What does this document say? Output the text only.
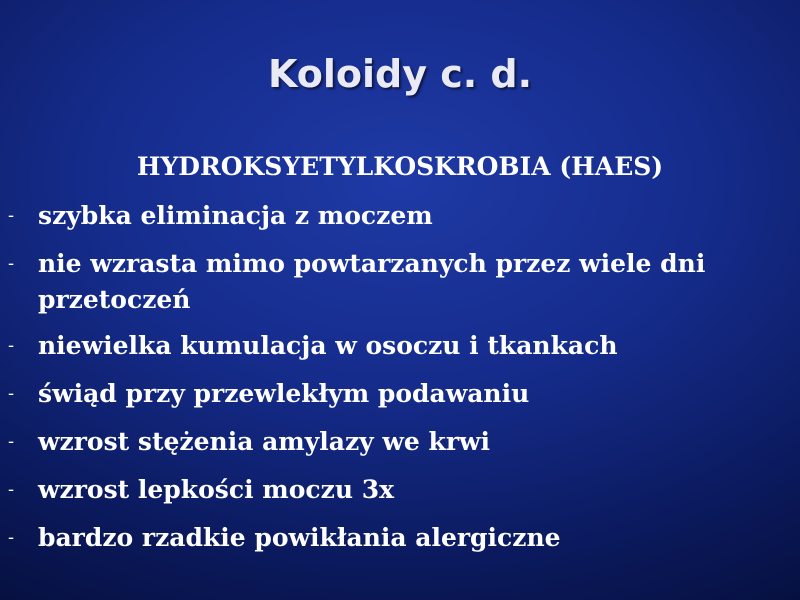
Koloidy c. d.

HYDROKSYETYLKOSKROBIA (HAES)

- szybka eliminacja z moczem
- nie wzrasta mimo powtarzanych przez wiele dni przetoczeń
- niewielka kumulacja w osoczu i tkankach
- świąd przy przewlekłym podawaniu
- wzrost stężenia amylazy we krwi
- wzrost lepkości moczu 3x
- bardzo rzadkie powikłania alergiczne
